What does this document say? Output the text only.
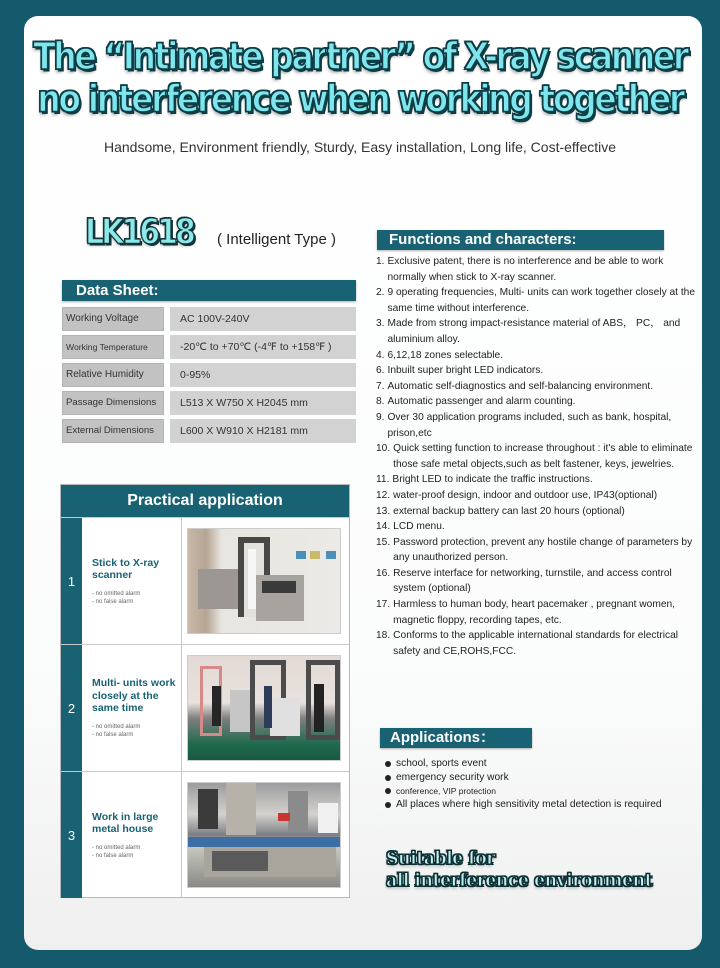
The “Intimate partner” of X-ray scanner
no interference when working together
Handsome, Environment friendly, Sturdy, Easy installation, Long life, Cost-effective
LK1618 ( Intelligent Type )
Data Sheet:
Working Voltage	AC 100V-240V
Working Temperature	-20℃ to +70℃ (-4℉ to +158℉ )
Relative Humidity	0-95%
Passage Dimensions	L513 X W750 X H2045 mm
External Dimensions	L600 X W910 X H2181 mm
Functions and characters:
1. Exclusive patent, there is no interference and be able to work normally when stick to X-ray scanner.
2. 9 operating frequencies, Multi- units can work together closely at the same time without interference.
3. Made from strong impact-resistance material of ABS， PC， and aluminium alloy.
4. 6,12,18 zones selectable.
6. Inbuilt super bright LED indicators.
7. Automatic self-diagnostics and self-balancing environment.
8. Automatic passenger and alarm counting.
9. Over 30 application programs included, such as bank, hospital, prison,etc
10. Quick setting function to increase throughout : it's able to eliminate those safe metal objects,such as belt fastener, keys, jewelries.
11. Bright LED to indicate the traffic instructions.
12. water-proof design, indoor and outdoor use, IP43(optional)
13. external backup battery can last 20 hours (optional)
14. LCD menu.
15. Password protection, prevent any hostile change of parameters by any unauthorized person.
16. Reserve interface for networking, turnstile, and access control system (optional)
17. Harmless to human body, heart pacemaker , pregnant women, magnetic floppy, recording tapes, etc.
18. Conforms to the applicable international standards for electrical safety and CE,ROHS,FCC.
Practical application
1
Stick to X-ray scanner
- no omitted alarm
- no false alarm
2
Multi- units work closely at the same time
- no omitted alarm
- no false alarm
3
Work in large metal house
- no omitted alarm
- no false alarm
Applications：
school, sports event
emergency security work
conference, VIP protection
All places where high sensitivity metal detection is required
Suitable for
all interference environment
